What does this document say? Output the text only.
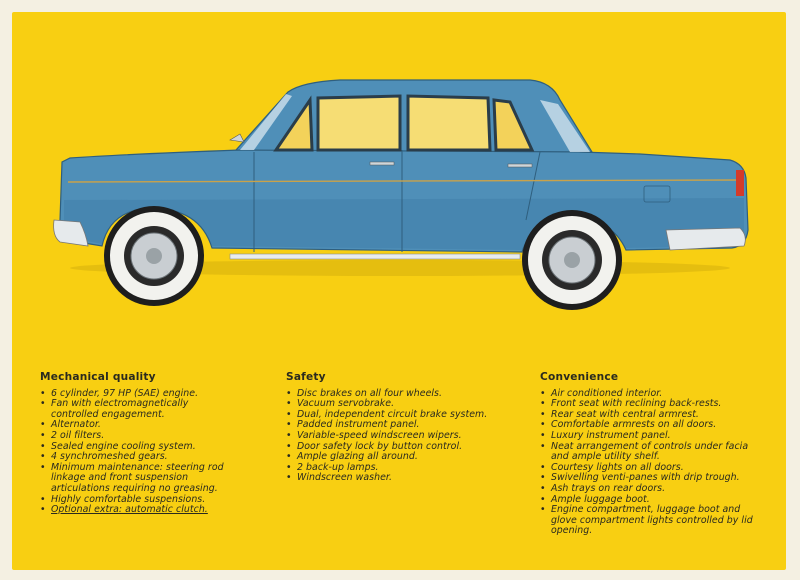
Mechanical quality
• 6 cylinder, 97 HP (SAE) engine.
• Fan with electromagnetically controlled engagement.
• Alternator.
• 2 oil filters.
• Sealed engine cooling system.
• 4 synchromeshed gears.
• Minimum maintenance: steering rod linkage and front suspension articulations requiring no greasing.
• Highly comfortable suspensions.
• Optional extra: automatic clutch.
Safety
• Disc brakes on all four wheels.
• Vacuum servobrake.
• Dual, independent circuit brake system.
• Padded instrument panel.
• Variable-speed windscreen wipers.
• Door safety lock by button control.
• Ample glazing all around.
• 2 back-up lamps.
• Windscreen washer.
Convenience
• Air conditioned interior.
• Front seat with reclining back-rests.
• Rear seat with central armrest.
• Comfortable armrests on all doors.
• Luxury instrument panel.
• Neat arrangement of controls under facia and ample utility shelf.
• Courtesy lights on all doors.
• Swivelling venti-panes with drip trough.
• Ash trays on rear doors.
• Ample luggage boot.
• Engine compartment, luggage boot and glove compartment lights controlled by lid opening.
